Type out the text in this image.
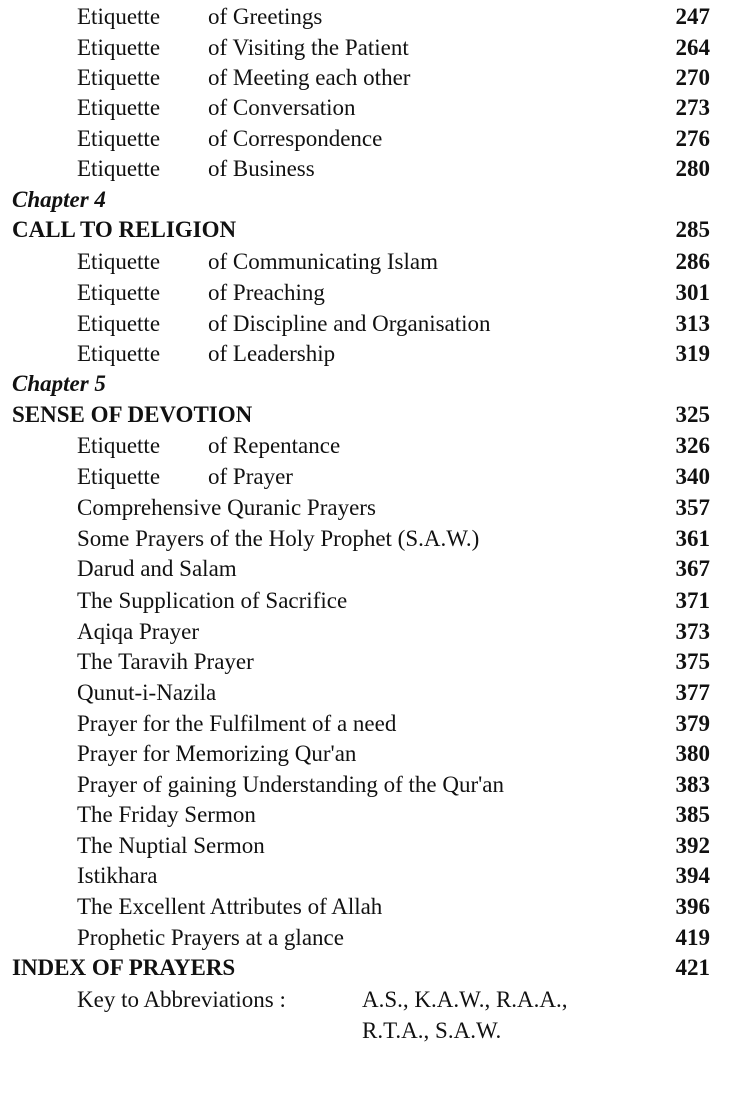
Etiquette of Greetings	247
Etiquette of Visiting the Patient	264
Etiquette of Meeting each other	270
Etiquette of Conversation	273
Etiquette of Correspondence	276
Etiquette of Business	280
Chapter 4
CALL TO RELIGION	285
Etiquette of Communicating Islam	286
Etiquette of Preaching	301
Etiquette of Discipline and Organisation	313
Etiquette of Leadership	319
Chapter 5
SENSE OF DEVOTION	325
Etiquette of Repentance	326
Etiquette of Prayer	340
Comprehensive Quranic Prayers	357
Some Prayers of the Holy Prophet (S.A.W.)	361
Darud and Salam	367
The Supplication of Sacrifice	371
Aqiqa Prayer	373
The Taravih Prayer	375
Qunut-i-Nazila	377
Prayer for the Fulfilment of a need	379
Prayer for Memorizing Qur'an	380
Prayer of gaining Understanding of the Qur'an	383
The Friday Sermon	385
The Nuptial Sermon	392
Istikhara	394
The Excellent Attributes of Allah	396
Prophetic Prayers at a glance	419
INDEX OF PRAYERS	421
Key to Abbreviations :	A.S., K.A.W., R.A.A.,
R.T.A., S.A.W.
